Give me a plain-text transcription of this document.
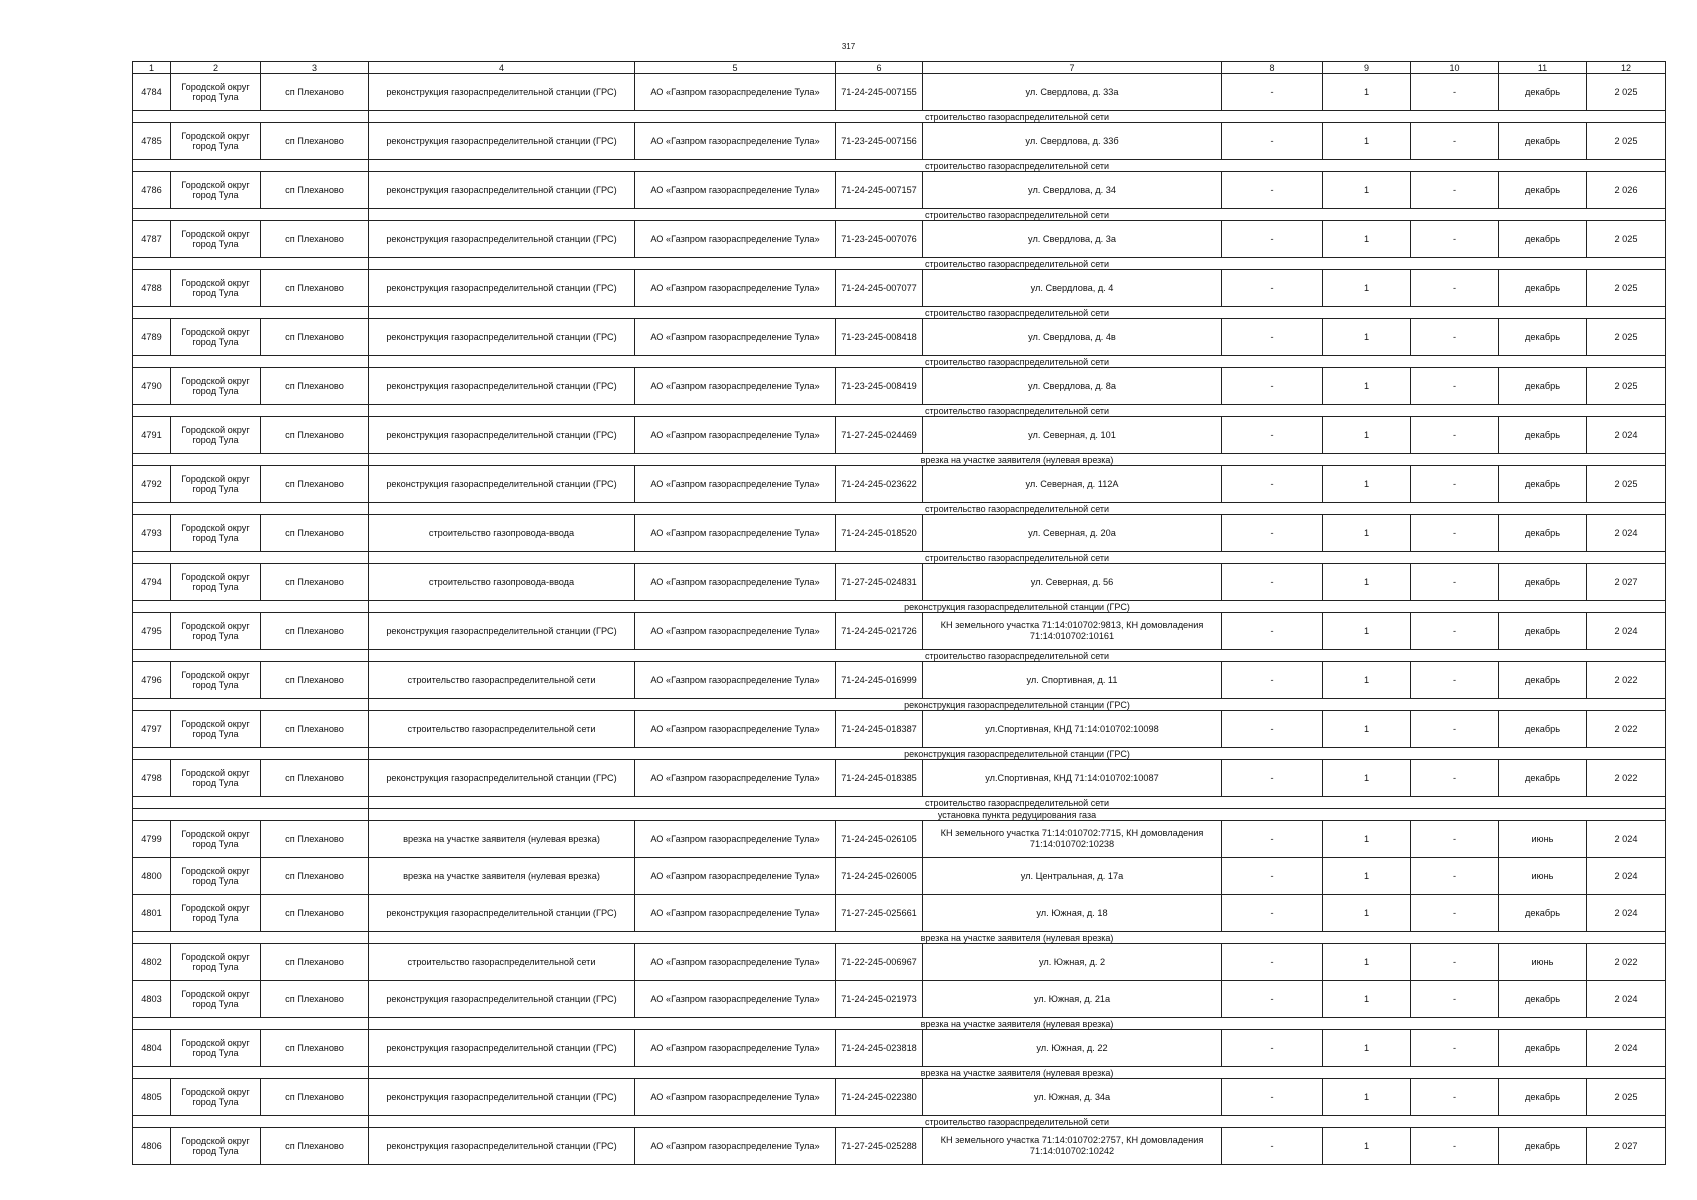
317
1	2	3	4	5	6	7	8	9	10	11	12
4784	Городской округ город Тула	сп Плеханово	реконструкция газораспределительной станции (ГРС)	АО «Газпром газораспределение Тула»	71-24-245-007155	ул. Свердлова, д. 33а	-	1	-	декабрь	2 025
			строительство газораспределительной сети								
4785	Городской округ город Тула	сп Плеханово	реконструкция газораспределительной станции (ГРС)	АО «Газпром газораспределение Тула»	71-23-245-007156	ул. Свердлова, д. 33б	-	1	-	декабрь	2 025
			строительство газораспределительной сети								
4786	Городской округ город Тула	сп Плеханово	реконструкция газораспределительной станции (ГРС)	АО «Газпром газораспределение Тула»	71-24-245-007157	ул. Свердлова, д. 34	-	1	-	декабрь	2 026
			строительство газораспределительной сети								
4787	Городской округ город Тула	сп Плеханово	реконструкция газораспределительной станции (ГРС)	АО «Газпром газораспределение Тула»	71-23-245-007076	ул. Свердлова, д. 3а	-	1	-	декабрь	2 025
			строительство газораспределительной сети								
4788	Городской округ город Тула	сп Плеханово	реконструкция газораспределительной станции (ГРС)	АО «Газпром газораспределение Тула»	71-24-245-007077	ул. Свердлова, д. 4	-	1	-	декабрь	2 025
			строительство газораспределительной сети								
4789	Городской округ город Тула	сп Плеханово	реконструкция газораспределительной станции (ГРС)	АО «Газпром газораспределение Тула»	71-23-245-008418	ул. Свердлова, д. 4в	-	1	-	декабрь	2 025
			строительство газораспределительной сети								
4790	Городской округ город Тула	сп Плеханово	реконструкция газораспределительной станции (ГРС)	АО «Газпром газораспределение Тула»	71-23-245-008419	ул. Свердлова, д. 8а	-	1	-	декабрь	2 025
			строительство газораспределительной сети								
4791	Городской округ город Тула	сп Плеханово	реконструкция газораспределительной станции (ГРС)	АО «Газпром газораспределение Тула»	71-27-245-024469	ул. Северная, д. 101	-	1	-	декабрь	2 024
			врезка на участке заявителя (нулевая врезка)								
4792	Городской округ город Тула	сп Плеханово	реконструкция газораспределительной станции (ГРС)	АО «Газпром газораспределение Тула»	71-24-245-023622	ул. Северная, д. 112А	-	1	-	декабрь	2 025
			строительство газораспределительной сети								
4793	Городской округ город Тула	сп Плеханово	строительство газопровода-ввода	АО «Газпром газораспределение Тула»	71-24-245-018520	ул. Северная, д. 20а	-	1	-	декабрь	2 024
			строительство газораспределительной сети								
4794	Городской округ город Тула	сп Плеханово	строительство газопровода-ввода	АО «Газпром газораспределение Тула»	71-27-245-024831	ул. Северная, д. 56	-	1	-	декабрь	2 027
			реконструкция газораспределительной станции (ГРС)								
4795	Городской округ город Тула	сп Плеханово	реконструкция газораспределительной станции (ГРС)	АО «Газпром газораспределение Тула»	71-24-245-021726	КН земельного участка 71:14:010702:9813, КН домовладения 71:14:010702:10161	-	1	-	декабрь	2 024
			строительство газораспределительной сети								
4796	Городской округ город Тула	сп Плеханово	строительство газораспределительной сети	АО «Газпром газораспределение Тула»	71-24-245-016999	ул. Спортивная, д. 11	-	1	-	декабрь	2 022
			реконструкция газораспределительной станции (ГРС)								
4797	Городской округ город Тула	сп Плеханово	строительство газораспределительной сети	АО «Газпром газораспределение Тула»	71-24-245-018387	ул.Спортивная, КНД 71:14:010702:10098	-	1	-	декабрь	2 022
			реконструкция газораспределительной станции (ГРС)								
4798	Городской округ город Тула	сп Плеханово	реконструкция газораспределительной станции (ГРС)	АО «Газпром газораспределение Тула»	71-24-245-018385	ул.Спортивная, КНД 71:14:010702:10087	-	1	-	декабрь	2 022
			строительство газораспределительной сети								
			установка пункта редуцирования газа								
4799	Городской округ город Тула	сп Плеханово	врезка на участке заявителя (нулевая врезка)	АО «Газпром газораспределение Тула»	71-24-245-026105	КН земельного участка 71:14:010702:7715, КН домовладения 71:14:010702:10238	-	1	-	июнь	2 024
4800	Городской округ город Тула	сп Плеханово	врезка на участке заявителя (нулевая врезка)	АО «Газпром газораспределение Тула»	71-24-245-026005	ул. Центральная, д. 17а	-	1	-	июнь	2 024
4801	Городской округ город Тула	сп Плеханово	реконструкция газораспределительной станции (ГРС)	АО «Газпром газораспределение Тула»	71-27-245-025661	ул. Южная, д. 18	-	1	-	декабрь	2 024
			врезка на участке заявителя (нулевая врезка)								
4802	Городской округ город Тула	сп Плеханово	строительство газораспределительной сети	АО «Газпром газораспределение Тула»	71-22-245-006967	ул. Южная, д. 2	-	1	-	июнь	2 022
4803	Городской округ город Тула	сп Плеханово	реконструкция газораспределительной станции (ГРС)	АО «Газпром газораспределение Тула»	71-24-245-021973	ул. Южная, д. 21а	-	1	-	декабрь	2 024
			врезка на участке заявителя (нулевая врезка)								
4804	Городской округ город Тула	сп Плеханово	реконструкция газораспределительной станции (ГРС)	АО «Газпром газораспределение Тула»	71-24-245-023818	ул. Южная, д. 22	-	1	-	декабрь	2 024
			врезка на участке заявителя (нулевая врезка)								
4805	Городской округ город Тула	сп Плеханово	реконструкция газораспределительной станции (ГРС)	АО «Газпром газораспределение Тула»	71-24-245-022380	ул. Южная, д. 34а	-	1	-	декабрь	2 025
			строительство газораспределительной сети								
4806	Городской округ город Тула	сп Плеханово	реконструкция газораспределительной станции (ГРС)	АО «Газпром газораспределение Тула»	71-27-245-025288	КН земельного участка 71:14:010702:2757, КН домовладения 71:14:010702:10242	-	1	-	декабрь	2 027
